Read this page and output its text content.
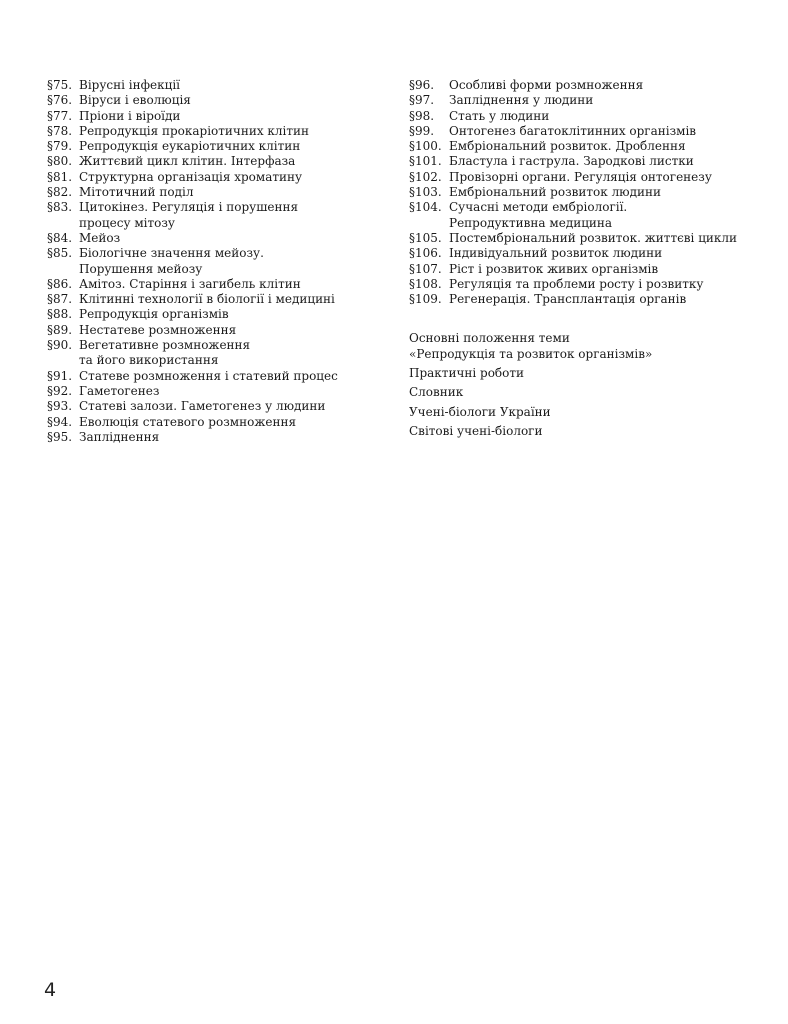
§75. Вірусні інфекції
§76. Віруси і еволюція
§77. Пріони і віроїди
§78. Репродукція прокаріотичних клітин
§79. Репродукція еукаріотичних клітин
§80. Життєвий цикл клітин. Інтерфаза
§81. Структурна організація хроматину
§82. Мітотичний поділ
§83. Цитокінез. Регуляція і порушення
процесу мітозу
§84. Мейоз
§85. Біологічне значення мейозу.
Порушення мейозу
§86. Амітоз. Старіння і загибель клітин
§87. Клітинні технології в біології і медицині
§88. Репродукція організмів
§89. Нестатеве розмноження
§90. Вегетативне розмноження
та його використання
§91. Статеве розмноження і статевий процес
§92. Гаметогенез
§93. Статеві залози. Гаметогенез у людини
§94. Еволюція статевого розмноження
§95. Запліднення
§96.	Особливі форми розмноження
§97.	Запліднення у людини
§98.	Стать у людини
§99.	Онтогенез багатоклітинних організмів
§100. Ембріональний розвиток. Дроблення
§101. Бластула і гаструла. Зародкові листки
§102. Провізорні органи. Регуляція онтогенезу
§103. Ембріональний розвиток людини
§104. Сучасні методи ембріології.
Репродуктивна медицина
§105. Постембріональний розвиток. життєві цикли
§106. Індивідуальний розвиток людини
§107. Ріст і розвиток живих організмів
§108. Регуляція та проблеми росту і розвитку
§109. Регенерація. Трансплантація органів
Основні положення теми
«Репродукція та розвиток організмів»
Практичні роботи
Словник
Учені-біологи України
Світові учені-біологи
4
